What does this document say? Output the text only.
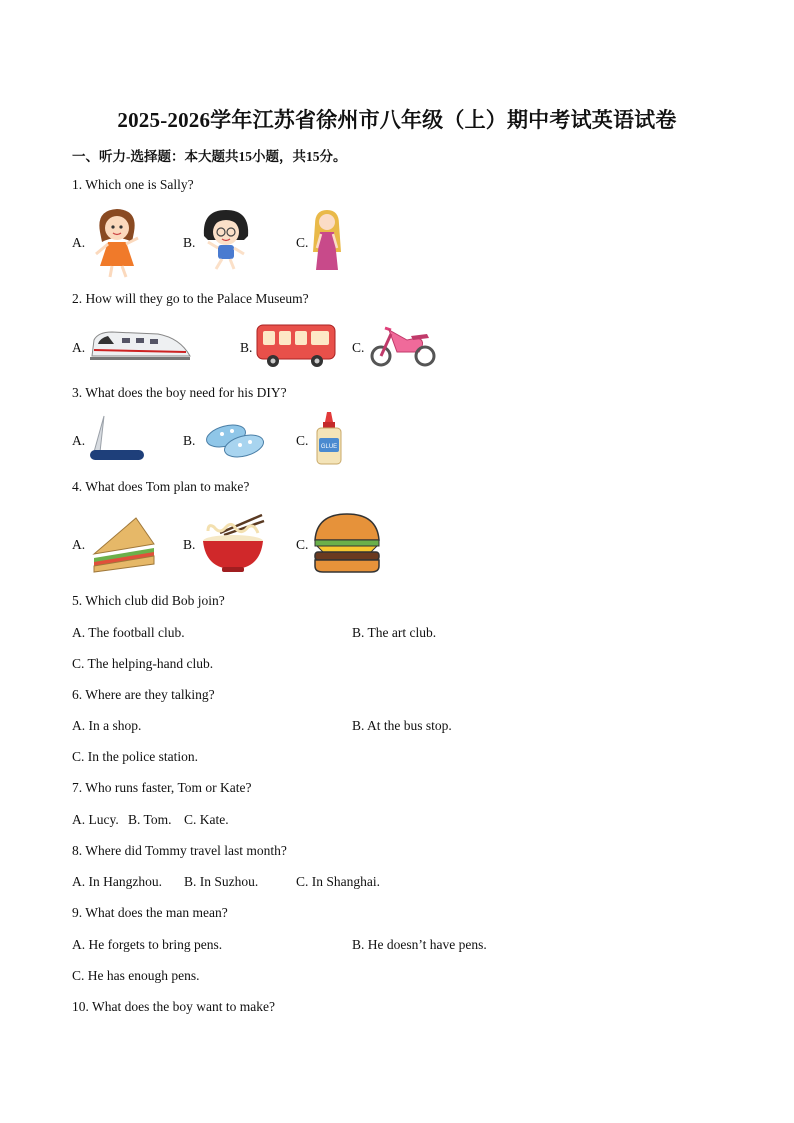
2025-2026学年江苏省徐州市八年级（上）期中考试英语试卷
一、听力-选择题：本大题共15小题，共15分。
1. Which one is Sally?
A.	B.	C.
2. How will they go to the Palace Museum?
A.	B.	C.
3. What does the boy need for his DIY?
A.	B.	C. GLUE
4. What does Tom plan to make?
A.	B.	C.
5. Which club did Bob join?
A. The football club.	B. The art club.
C. The helping-hand club.
6. Where are they talking?
A. In a shop.	B. At the bus stop.
C. In the police station.
7. Who runs faster, Tom or Kate?
A. Lucy. B. Tom. C. Kate.
8. Where did Tommy travel last month?
A. In Hangzhou. B. In Suzhou.	C. In Shanghai.
9. What does the man mean?
A. He forgets to bring pens.	B. He doesn’t have pens.
C. He has enough pens.
10. What does the boy want to make?
